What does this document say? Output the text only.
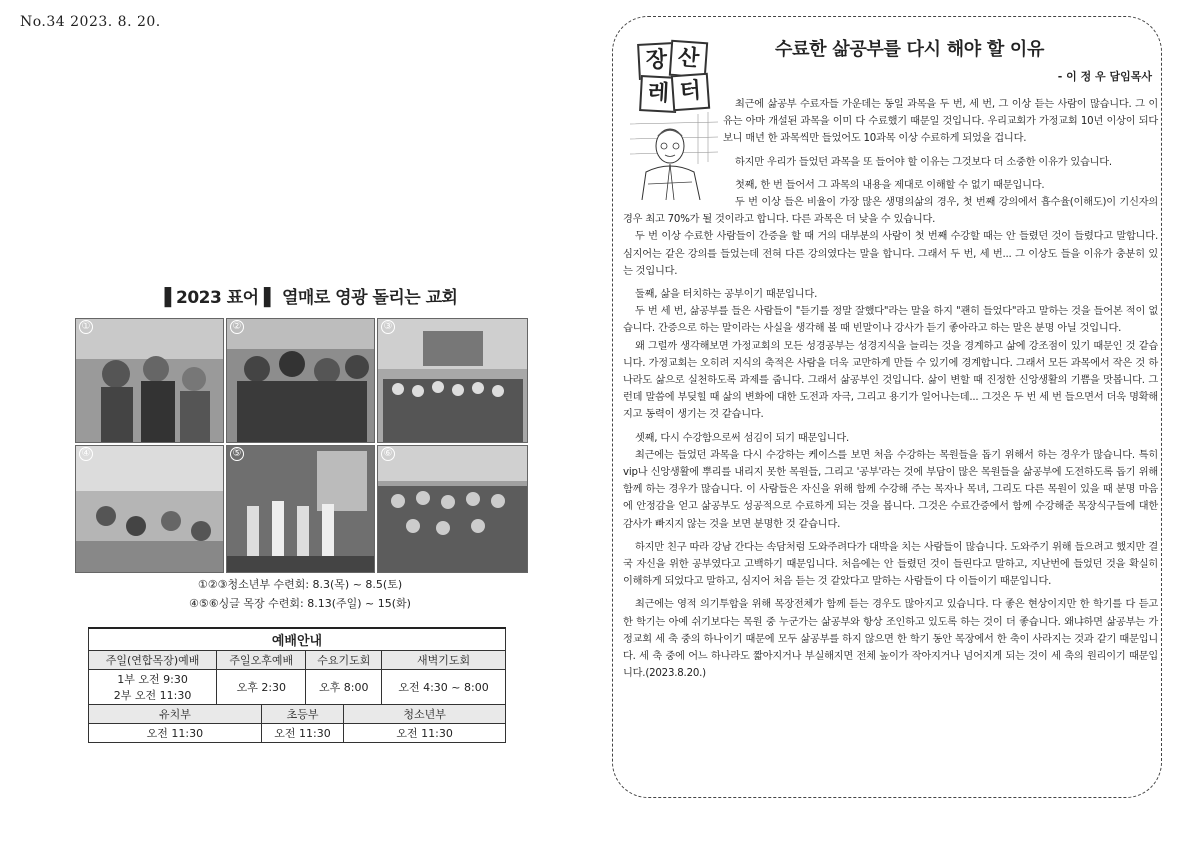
No.34 2023. 8. 20.
▐ 2023 표어 ▌ 열매로 영광 돌리는 교회
①	②	③
④	⑤	⑥
①②③청소년부 수련회: 8.3(목) ~ 8.5(토)
④⑤⑥싱글 목장 수련회: 8.13(주일) ~ 15(화)
예배안내					
주일(연합목장)예배	주일오후예배		수요기도회		새벽기도회

1부 오전 9:30
2부 오전 11:30	오후 2:30		오후 8:00		오전 4:30 ~ 8:00
유치부		초등부		청소년부	
오전 11:30		오전 11:30		오전 11:30	
장 산
레 터
수료한 삶공부를 다시 해야 할 이유
- 이 정 우 담임목사

최근에 삶공부 수료자들 가운데는 동일 과목을 두 번, 세 번, 그 이상 듣는 사람이 많습니다. 그 이유는 아마 개설된 과목을 이미 다 수료했기 때문일 것입니다. 우리교회가 가정교회 10년 이상이 되다 보니 매년 한 과목씩만 들었어도 10과목 이상 수료하게 되었을 겁니다.

하지만 우리가 들었던 과목을 또 들어야 할 이유는 그것보다 더 소중한 이유가 있습니다.

첫째, 한 번 들어서 그 과목의 내용을 제대로 이해할 수 없기 때문입니다.

두 번 이상 들은 비율이 가장 많은 생명의삶의 경우, 첫 번째 강의에서 흡수율(이해도)이 기신자의 경우 최고 70%가 될 것이라고 합니다. 다른 과목은 더 낮을 수 있습니다.

두 번 이상 수료한 사람들이 간증을 할 때 거의 대부분의 사람이 첫 번째 수강할 때는 안 들렸던 것이 들렸다고 말합니다. 심지어는 같은 강의를 들었는데 전혀 다른 강의였다는 말을 합니다. 그래서 두 번, 세 번... 그 이상도 들을 이유가 충분히 있는 것입니다.

둘째, 삶을 터치하는 공부이기 때문입니다.

두 번 세 번, 삶공부를 들은 사람들이 "듣기를 정말 잘했다"라는 말을 하지 "괜히 들었다"라고 말하는 것을 들어본 적이 없습니다. 간증으로 하는 말이라는 사실을 생각해 볼 때 빈말이나 강사가 듣기 좋아라고 하는 말은 분명 아닐 것입니다.

왜 그럴까 생각해보면 가정교회의 모든 성경공부는 성경지식을 늘리는 것을 경계하고 삶에 강조점이 있기 때문인 것 같습니다. 가정교회는 오히려 지식의 축적은 사람을 더욱 교만하게 만들 수 있기에 경계합니다. 그래서 모든 과목에서 작은 것 하나라도 삶으로 실천하도록 과제를 줍니다. 그래서 삶공부인 것입니다. 삶이 변할 때 진정한 신앙생활의 기쁨을 맛봅니다. 그런데 말씀에 부딪힐 때 삶의 변화에 대한 도전과 자극, 그리고 용기가 일어나는데... 그것은 두 번 세 번 들으면서 더욱 명확해지고 동력이 생기는 것 같습니다.

셋째, 다시 수강함으로써 섬김이 되기 때문입니다.

최근에는 들었던 과목을 다시 수강하는 케이스를 보면 처음 수강하는 목원들을 돕기 위해서 하는 경우가 많습니다. 특히 vip나 신앙생활에 뿌리를 내리지 못한 목원들, 그리고 '공부'라는 것에 부담이 많은 목원들을 삶공부에 도전하도록 돕기 위해 함께 하는 경우가 많습니다. 이 사람들은 자신을 위해 함께 수강해 주는 목자나 목녀, 그리도 다른 목원이 있을 때 분명 마음에 안정감을 얻고 삶공부도 성공적으로 수료하게 되는 것을 봅니다. 그것은 수료간증에서 함께 수강해준 목장식구들에 대한 감사가 빠지지 않는 것을 보면 분명한 것 같습니다.

하지만 친구 따라 강남 간다는 속담처럼 도와주려다가 대박을 치는 사람들이 많습니다. 도와주기 위해 들으려고 했지만 결국 자신을 위한 공부였다고 고백하기 때문입니다. 처음에는 안 들렸던 것이 들린다고 말하고, 지난번에 들었던 것을 확실히 이해하게 되었다고 말하고, 심지어 처음 듣는 것 같았다고 말하는 사람들이 다 이들이기 때문입니다.

최근에는 영적 의기투합을 위해 목장전체가 함께 듣는 경우도 많아지고 있습니다. 다 좋은 현상이지만 한 학기를 다 듣고 한 학기는 아예 쉬기보다는 목원 중 누군가는 삶공부와 항상 조인하고 있도록 하는 것이 더 좋습니다. 왜냐하면 삶공부는 가정교회 세 축 중의 하나이기 때문에 모두 삶공부를 하지 않으면 한 학기 동안 목장에서 한 축이 사라지는 것과 같기 때문입니다. 세 축 중에 어느 하나라도 짧아지거나 부실해지면 전체 높이가 작아지거나 넘어지게 되는 것이 세 축의 원리이기 때문입니다.(2023.8.20.)
